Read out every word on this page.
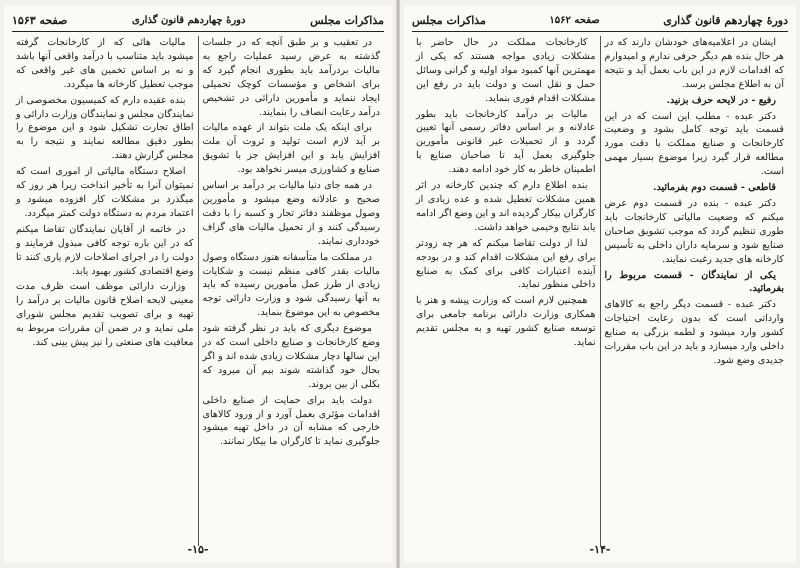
مذاکرات مجلس
دورهٔ چهاردهم قانون گذاری
صفحه ۱۵۶۳

در تعقیب و بر طبق آنچه که در جلسات گذشته به عرض رسید عملیات راجع به مالیات بردرآمد باید بطوری انجام گیرد که برای اشخاص و مؤسسات کوچک تحمیلی ایجاد ننماید و مأمورین دارائی در تشخیص درآمد رعایت انصاف را بنمایند.

برای اینکه یک ملت بتواند از عهده مالیات بر آید لازم است تولید و ثروت آن ملت افزایش یابد و این افزایش جز با تشویق صنایع و کشاورزی میسر نخواهد بود.

در همه جای دنیا مالیات بر درآمد بر اساس صحیح و عادلانه وضع میشود و مأمورین وصول موظفند دفاتر تجار و کسبه را با دقت رسیدگی کنند و از تحمیل مالیات های گزاف خودداری نمایند.

در مملکت ما متأسفانه هنوز دستگاه وصول مالیات بقدر کافی منظم نیست و شکایات زیادی از طرز عمل مأمورین رسیده که باید به آنها رسیدگی شود و وزارت دارائی توجه مخصوص به این موضوع بنماید.

موضوع دیگری که باید در نظر گرفته شود وضع کارخانجات و صنایع داخلی است که در این سالها دچار مشکلات زیادی شده اند و اگر بحال خود گذاشته شوند بیم آن میرود که بکلی از بین بروند.

دولت باید برای حمایت از صنایع داخلی اقدامات مؤثری بعمل آورد و از ورود کالاهای خارجی که مشابه آن در داخل تهیه میشود جلوگیری نماید تا کارگران ما بیکار نمانند.

مالیات هائی که از کارخانجات گرفته میشود باید متناسب با درآمد واقعی آنها باشد و نه بر اساس تخمین های غیر واقعی که موجب تعطیل کارخانه ها میگردد.

بنده عقیده دارم که کمیسیون مخصوصی از نمایندگان مجلس و نمایندگان وزارت دارائی و اطاق تجارت تشکیل شود و این موضوع را بطور دقیق مطالعه نمایند و نتیجه را به مجلس گزارش دهند.

اصلاح دستگاه مالیاتی از اموری است که نمیتوان آنرا به تأخیر انداخت زیرا هر روز که میگذرد بر مشکلات کار افزوده میشود و اعتماد مردم به دستگاه دولت کمتر میگردد.

در خاتمه از آقایان نمایندگان تقاضا میکنم که در این باره توجه کافی مبذول فرمایند و دولت را در اجرای اصلاحات لازم یاری کنند تا وضع اقتصادی کشور بهبود یابد.

وزارت دارائی موظف است ظرف مدت معینی لایحه اصلاح قانون مالیات بر درآمد را تهیه و برای تصویب تقدیم مجلس شورای ملی نماید و در ضمن آن مقررات مربوط به معافیت های صنعتی را نیز پیش بینی کند.

-۱۵-
دورهٔ چهاردهم قانون گذاری
صفحه ۱۵۶۲
مذاکرات مجلس

ایشان در اعلامیه‌های خودشان دارند که در هر حال بنده هم دیگر حرفی ندارم و امیدوارم که اقدامات لازم در این باب بعمل آید و نتیجه آن به اطلاع مجلس برسد.

رفیع - در لایحه حرف بزنید.

دکتر عبده - مطلب این است که در این قسمت باید توجه کامل بشود و وضعیت کارخانجات و صنایع مملکت با دقت مورد مطالعه قرار گیرد زیرا موضوع بسیار مهمی است.

قاطعی - قسمت دوم بفرمائید.

دکتر عبده - بنده در قسمت دوم عرض میکنم که وضعیت مالیاتی کارخانجات باید طوری تنظیم گردد که موجب تشویق صاحبان صنایع شود و سرمایه داران داخلی به تأسیس کارخانه های جدید رغبت نمایند.

یکی از نمایندگان - قسمت مربوط را بفرمائید.

دکتر عبده - قسمت دیگر راجع به کالاهای وارداتی است که بدون رعایت احتیاجات کشور وارد میشود و لطمه بزرگی به صنایع داخلی وارد میسازد و باید در این باب مقررات جدیدی وضع شود.

کارخانجات مملکت در حال حاضر با مشکلات زیادی مواجه هستند که یکی از مهمترین آنها کمبود مواد اولیه و گرانی وسائل حمل و نقل است و دولت باید در رفع این مشکلات اقدام فوری بنماید.

مالیات بر درآمد کارخانجات باید بطور عادلانه و بر اساس دفاتر رسمی آنها تعیین گردد و از تحمیلات غیر قانونی مأمورین جلوگیری بعمل آید تا صاحبان صنایع با اطمینان خاطر به کار خود ادامه دهند.

بنده اطلاع دارم که چندین کارخانه در اثر همین مشکلات تعطیل شده و عده زیادی از کارگران بیکار گردیده اند و این وضع اگر ادامه یابد نتایج وخیمی خواهد داشت.

لذا از دولت تقاضا میکنم که هر چه زودتر برای رفع این مشکلات اقدام کند و در بودجه آینده اعتبارات کافی برای کمک به صنایع داخلی منظور نماید.

همچنین لازم است که وزارت پیشه و هنر با همکاری وزارت دارائی برنامه جامعی برای توسعه صنایع کشور تهیه و به مجلس تقدیم نماید.

-۱۴-
